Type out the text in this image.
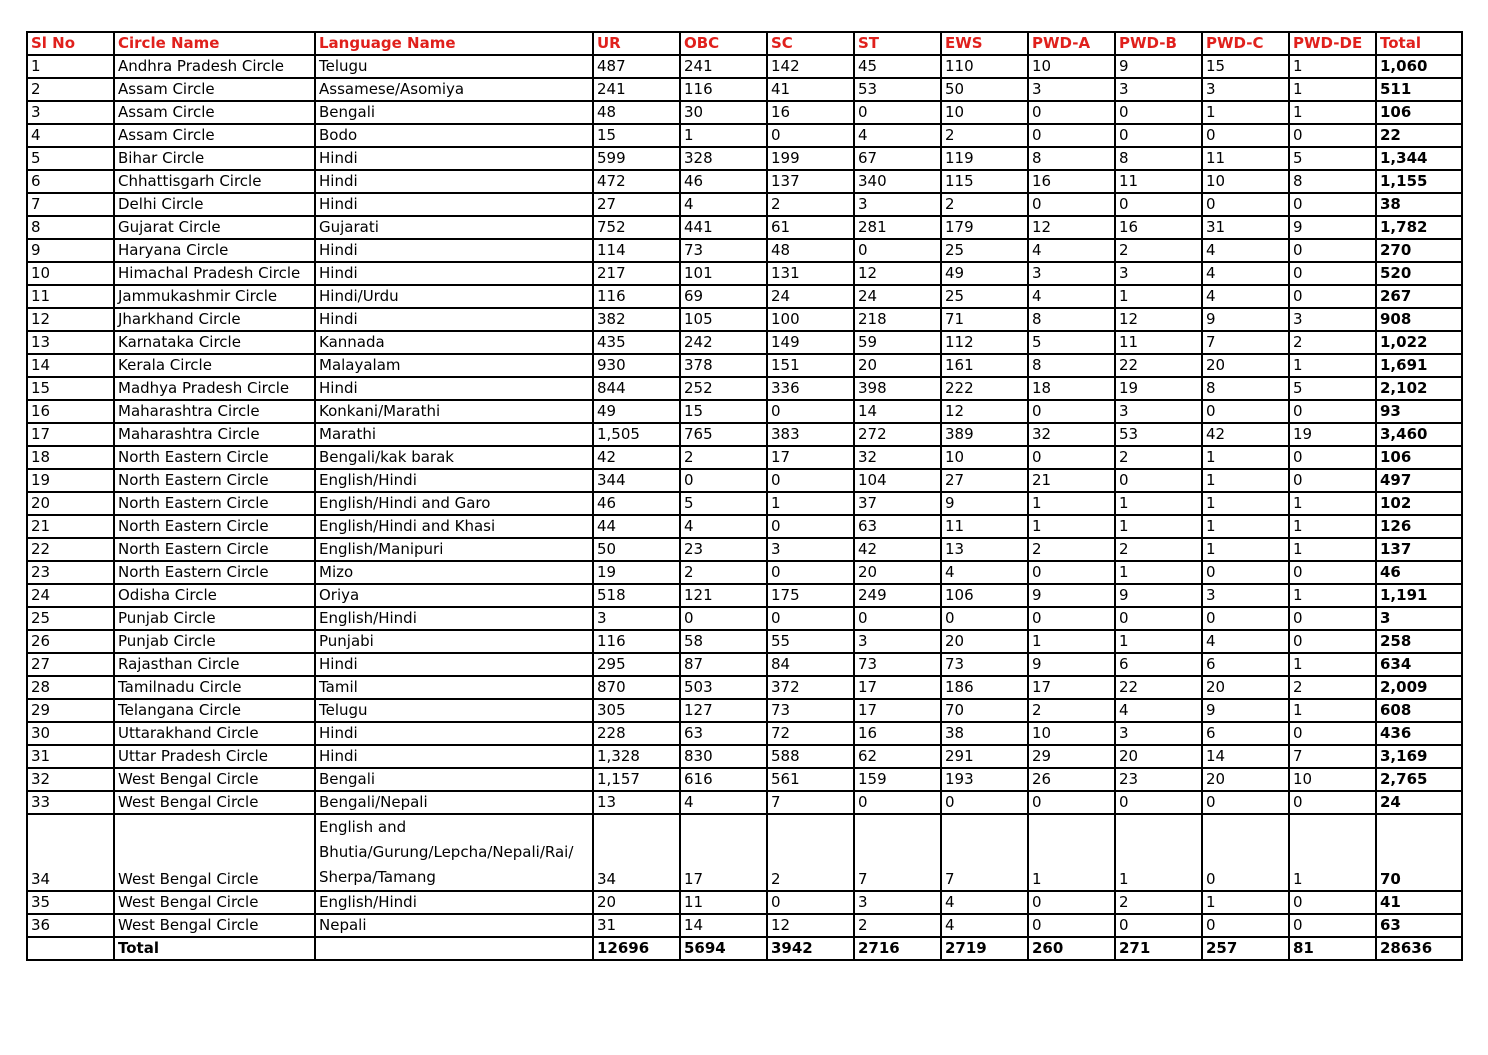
Sl No	Circle Name	Language Name	UR	OBC	SC	ST	EWS	PWD-A	PWD-B	PWD-C	PWD-DE	Total
1	Andhra Pradesh Circle	Telugu	487	241	142	45	110	10	9	15	1	1,060
2	Assam Circle	Assamese/Asomiya	241	116	41	53	50	3	3	3	1	511
3	Assam Circle	Bengali	48	30	16	0	10	0	0	1	1	106
4	Assam Circle	Bodo	15	1	0	4	2	0	0	0	0	22
5	Bihar Circle	Hindi	599	328	199	67	119	8	8	11	5	1,344
6	Chhattisgarh Circle	Hindi	472	46	137	340	115	16	11	10	8	1,155
7	Delhi Circle	Hindi	27	4	2	3	2	0	0	0	0	38
8	Gujarat Circle	Gujarati	752	441	61	281	179	12	16	31	9	1,782
9	Haryana Circle	Hindi	114	73	48	0	25	4	2	4	0	270
10	Himachal Pradesh Circle	Hindi	217	101	131	12	49	3	3	4	0	520
11	Jammukashmir Circle	Hindi/Urdu	116	69	24	24	25	4	1	4	0	267
12	Jharkhand Circle	Hindi	382	105	100	218	71	8	12	9	3	908
13	Karnataka Circle	Kannada	435	242	149	59	112	5	11	7	2	1,022
14	Kerala Circle	Malayalam	930	378	151	20	161	8	22	20	1	1,691
15	Madhya Pradesh Circle	Hindi	844	252	336	398	222	18	19	8	5	2,102
16	Maharashtra Circle	Konkani/Marathi	49	15	0	14	12	0	3	0	0	93
17	Maharashtra Circle	Marathi	1,505	765	383	272	389	32	53	42	19	3,460
18	North Eastern Circle	Bengali/kak barak	42	2	17	32	10	0	2	1	0	106
19	North Eastern Circle	English/Hindi	344	0	0	104	27	21	0	1	0	497
20	North Eastern Circle	English/Hindi and Garo	46	5	1	37	9	1	1	1	1	102
21	North Eastern Circle	English/Hindi and Khasi	44	4	0	63	11	1	1	1	1	126
22	North Eastern Circle	English/Manipuri	50	23	3	42	13	2	2	1	1	137
23	North Eastern Circle	Mizo	19	2	0	20	4	0	1	0	0	46
24	Odisha Circle	Oriya	518	121	175	249	106	9	9	3	1	1,191
25	Punjab Circle	English/Hindi	3	0	0	0	0	0	0	0	0	3
26	Punjab Circle	Punjabi	116	58	55	3	20	1	1	4	0	258
27	Rajasthan Circle	Hindi	295	87	84	73	73	9	6	6	1	634
28	Tamilnadu Circle	Tamil	870	503	372	17	186	17	22	20	2	2,009
29	Telangana Circle	Telugu	305	127	73	17	70	2	4	9	1	608
30	Uttarakhand Circle	Hindi	228	63	72	16	38	10	3	6	0	436
31	Uttar Pradesh Circle	Hindi	1,328	830	588	62	291	29	20	14	7	3,169
32	West Bengal Circle	Bengali	1,157	616	561	159	193	26	23	20	10	2,765
33	West Bengal Circle	Bengali/Nepali	13	4	7	0	0	0	0	0	0	24
34	West Bengal Circle	English and Bhutia/Gurung/Lepcha/Nepali/Rai/ Sherpa/Tamang	34	17	2	7	7	1	1	0	1	70
35	West Bengal Circle	English/Hindi	20	11	0	3	4	0	2	1	0	41
36	West Bengal Circle	Nepali	31	14	12	2	4	0	0	0	0	63
	Total		12696	5694	3942	2716	2719	260	271	257	81	28636
